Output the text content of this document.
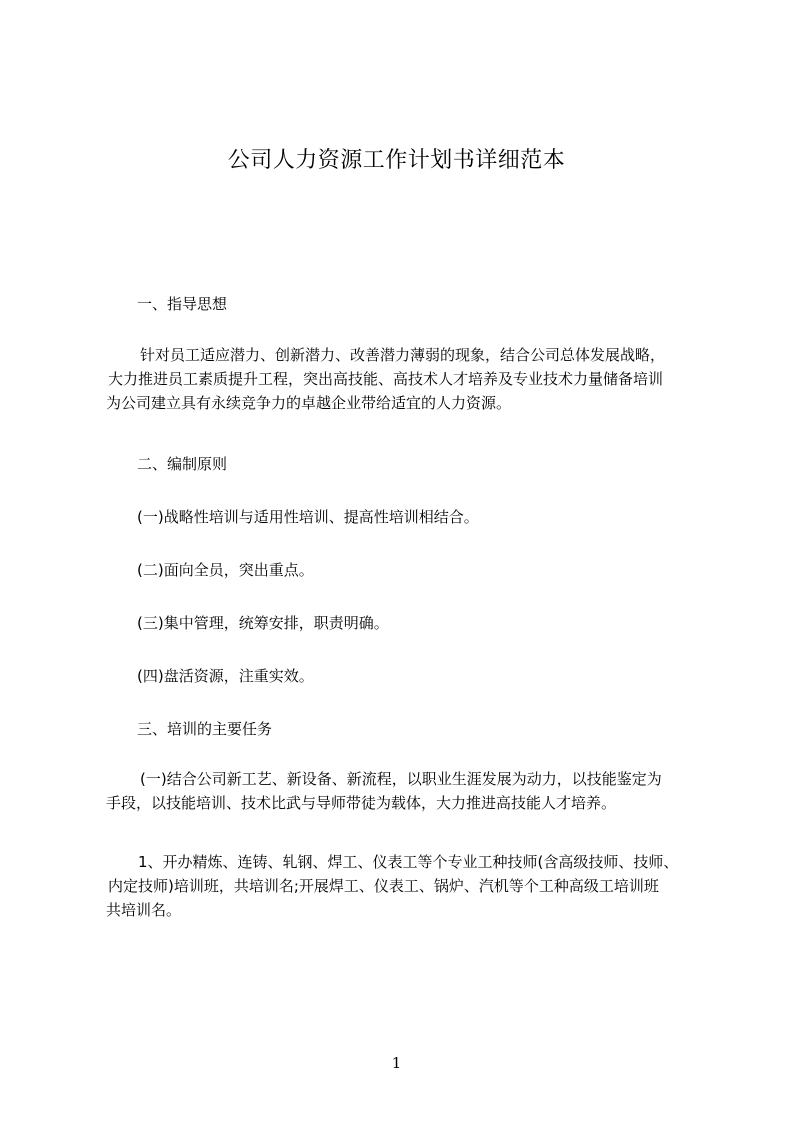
公司人力资源工作计划书详细范本
一、指导思想
针对员工适应潜力、创新潜力、改善潜力薄弱的现象，结合公司总体发展战略，
大力推进员工素质提升工程，突出高技能、高技术人才培养及专业技术力量储备培训
为公司建立具有永续竞争力的卓越企业带给适宜的人力资源。
二、编制原则
(一)战略性培训与适用性培训、提高性培训相结合。
(二)面向全员，突出重点。
(三)集中管理，统筹安排，职责明确。
(四)盘活资源，注重实效。
三、培训的主要任务
(一)结合公司新工艺、新设备、新流程，以职业生涯发展为动力，以技能鉴定为
手段，以技能培训、技术比武与导师带徒为载体，大力推进高技能人才培养。
1、开办精炼、连铸、轧钢、焊工、仪表工等个专业工种技师(含高级技师、技师、
内定技师)培训班，共培训名;开展焊工、仪表工、锅炉、汽机等个工种高级工培训班
共培训名。
1
